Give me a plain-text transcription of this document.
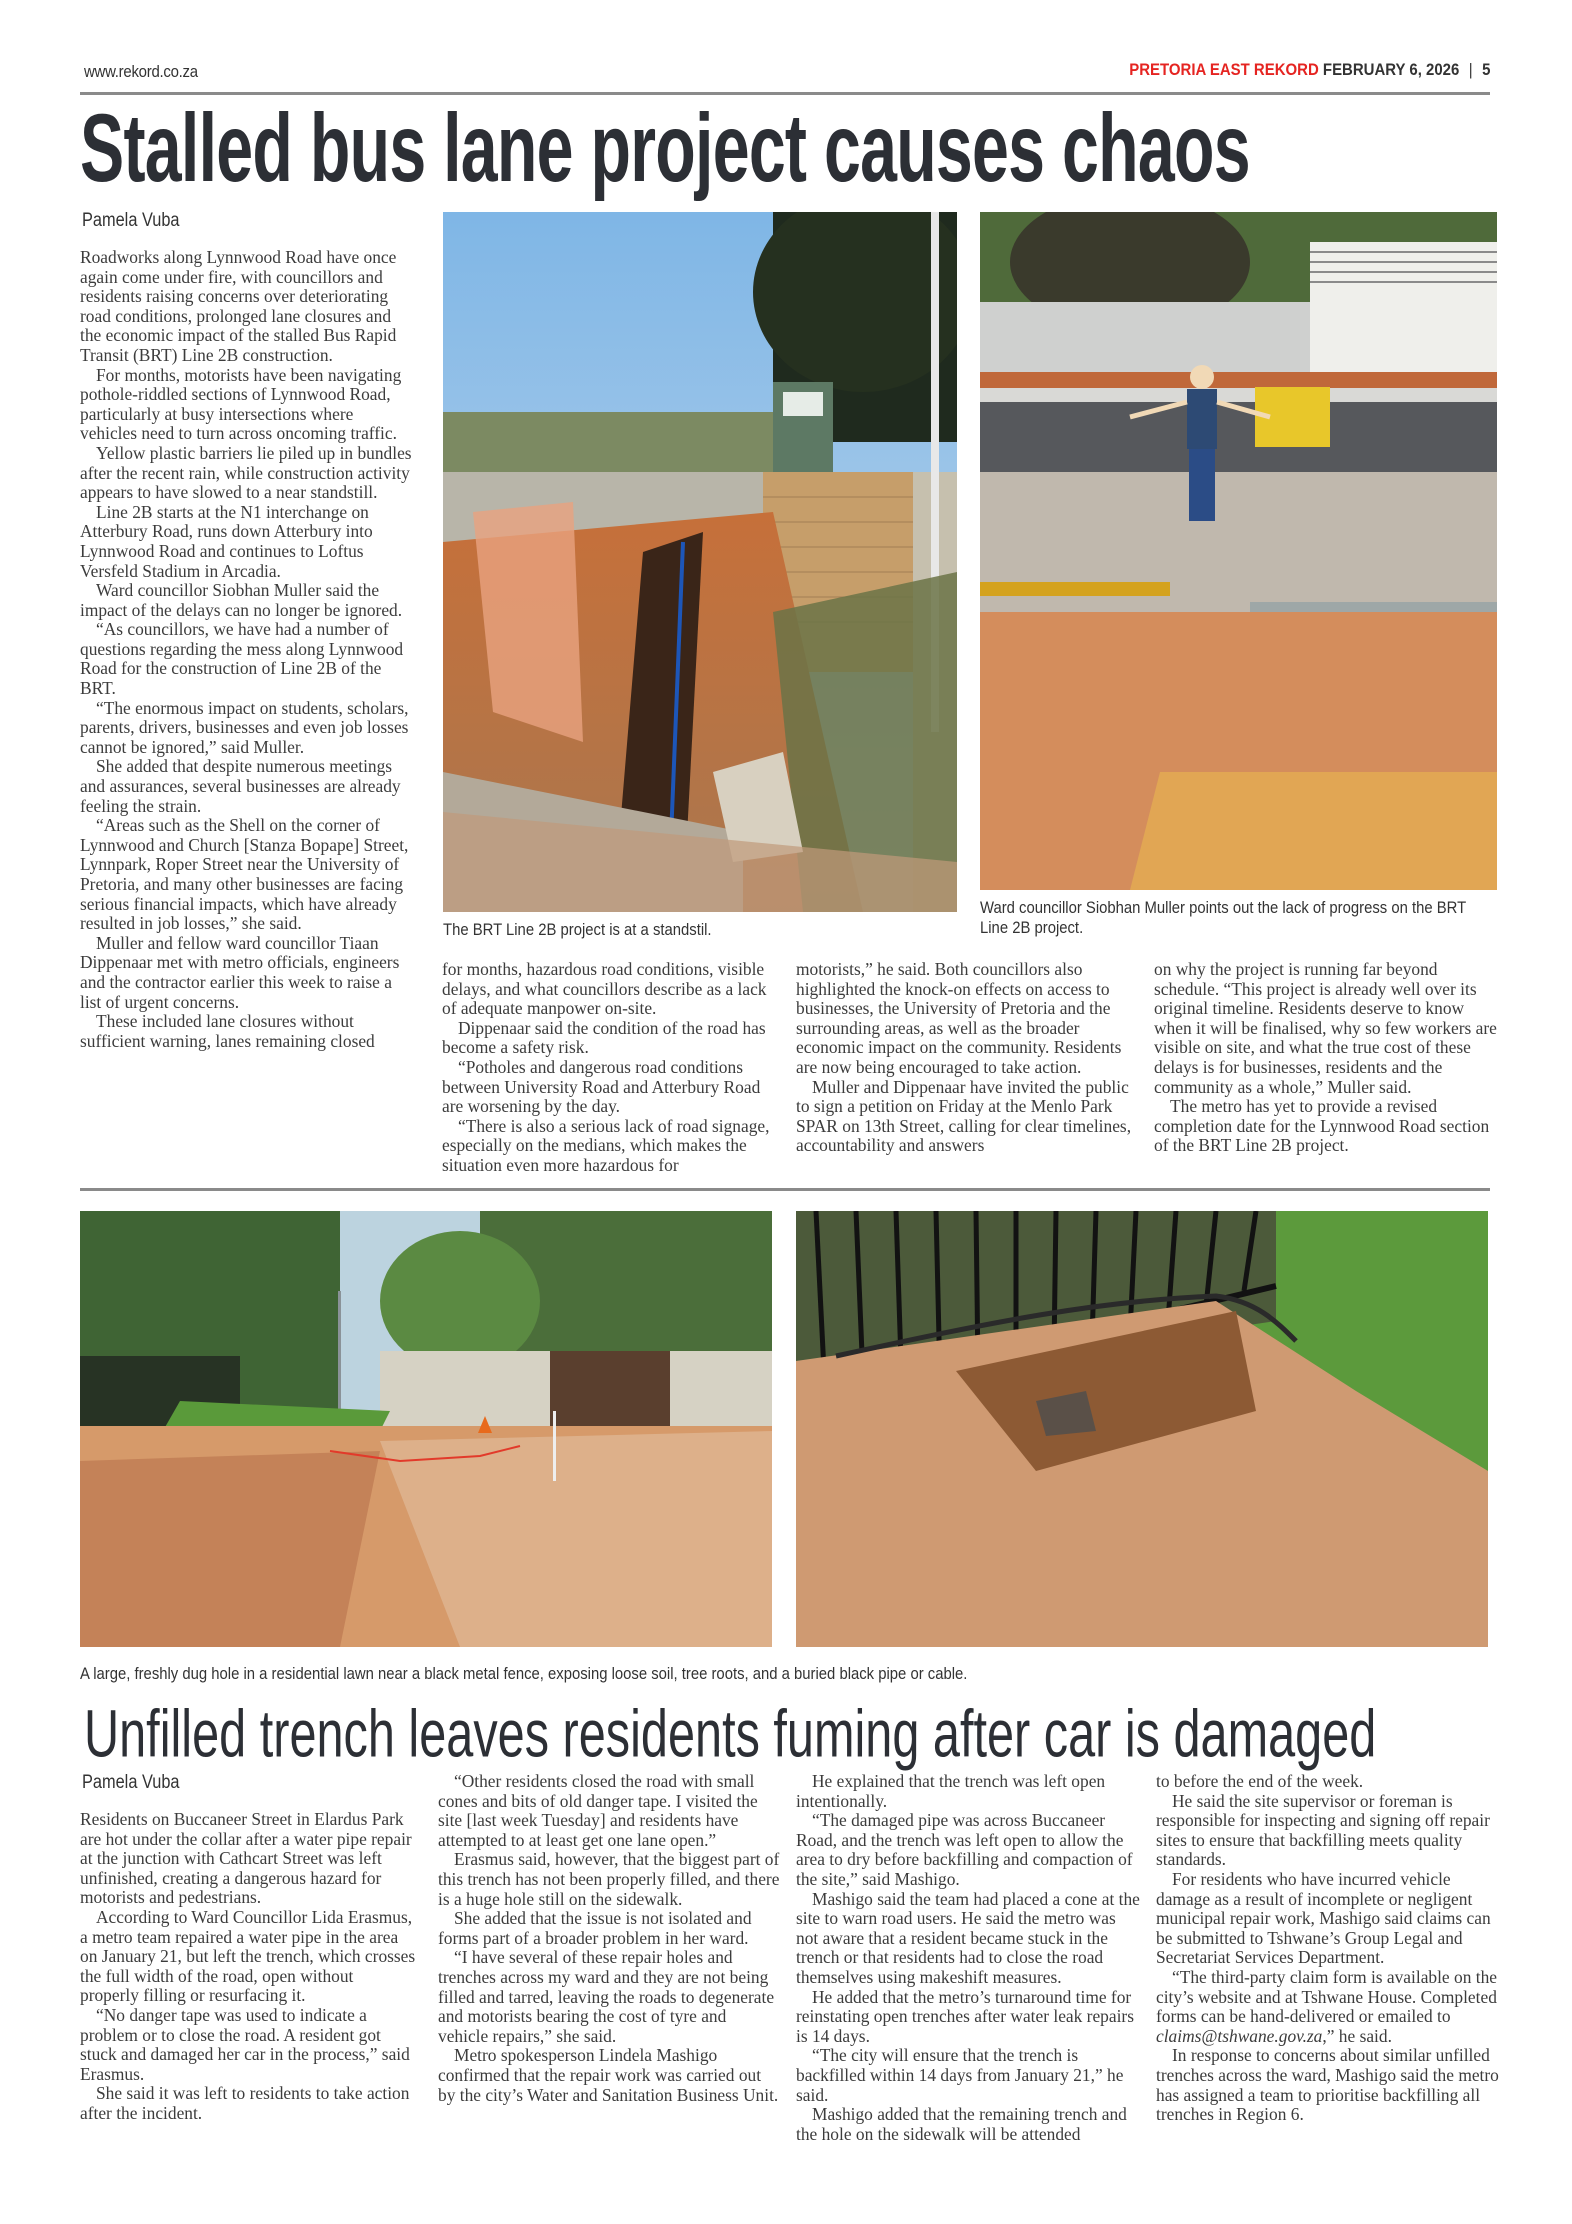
www.rekord.co.za	PRETORIA EAST REKORD FEBRUARY 6, 2026 | 5
Stalled bus lane project causes chaos
Pamela Vuba

Roadworks along Lynnwood Road have once again come under fire, with councillors and residents raising concerns over deteriorating road conditions, prolonged lane closures and the economic impact of the stalled Bus Rapid Transit (BRT) Line 2B construction.

For months, motorists have been navigating pothole-riddled sections of Lynnwood Road, particularly at busy intersections where vehicles need to turn across oncoming traffic.

Yellow plastic barriers lie piled up in bundles after the recent rain, while construction activity appears to have slowed to a near standstill.

Line 2B starts at the N1 interchange on Atterbury Road, runs down Atterbury into Lynnwood Road and continues to Loftus Versfeld Stadium in Arcadia.

Ward councillor Siobhan Muller said the impact of the delays can no longer be ignored.

“As councillors, we have had a number of questions regarding the mess along Lynnwood Road for the construction of Line 2B of the BRT.

“The enormous impact on students, scholars, parents, drivers, businesses and even job losses cannot be ignored,” said Muller.

She added that despite numerous meetings and assurances, several businesses are already feeling the strain.

“Areas such as the Shell on the corner of Lynnwood and Church [Stanza Bopape] Street, Lynnpark, Roper Street near the University of Pretoria, and many other businesses are facing serious financial impacts, which have already resulted in job losses,” she said.

Muller and fellow ward councillor Tiaan Dippenaar met with metro officials, engineers and the contractor earlier this week to raise a list of urgent concerns.

These included lane closures without sufficient warning, lanes remaining closed

The BRT Line 2B project is at a standstil.
Ward councillor Siobhan Muller points out the lack of progress on the BRT Line 2B project.

for months, hazardous road conditions, visible delays, and what councillors describe as a lack of adequate manpower on-site.

Dippenaar said the condition of the road has become a safety risk.

“Potholes and dangerous road conditions between University Road and Atterbury Road are worsening by the day.

“There is also a serious lack of road signage, especially on the medians, which makes the situation even more hazardous for

motorists,” he said. Both councillors also highlighted the knock-on effects on access to businesses, the University of Pretoria and the surrounding areas, as well as the broader economic impact on the community. Residents are now being encouraged to take action.

Muller and Dippenaar have invited the public to sign a petition on Friday at the Menlo Park SPAR on 13th Street, calling for clear timelines, accountability and answers

on why the project is running far beyond schedule. “This project is already well over its original timeline. Residents deserve to know when it will be finalised, why so few workers are visible on site, and what the true cost of these delays is for businesses, residents and the community as a whole,” Muller said.

The metro has yet to provide a revised completion date for the Lynnwood Road section of the BRT Line 2B project.

A large, freshly dug hole in a residential lawn near a black metal fence, exposing loose soil, tree roots, and a buried black pipe or cable.
Unfilled trench leaves residents fuming after car is damaged
Pamela Vuba

Residents on Buccaneer Street in Elardus Park are hot under the collar after a water pipe repair at the junction with Cathcart Street was left unfinished, creating a dangerous hazard for motorists and pedestrians.

According to Ward Councillor Lida Erasmus, a metro team repaired a water pipe in the area on January 21, but left the trench, which crosses the full width of the road, open without properly filling or resurfacing it.

“No danger tape was used to indicate a problem or to close the road. A resident got stuck and damaged her car in the process,” said Erasmus.

She said it was left to residents to take action after the incident.

“Other residents closed the road with small cones and bits of old danger tape. I visited the site [last week Tuesday] and residents have attempted to at least get one lane open.”

Erasmus said, however, that the biggest part of this trench has not been properly filled, and there is a huge hole still on the sidewalk.

She added that the issue is not isolated and forms part of a broader problem in her ward.

“I have several of these repair holes and trenches across my ward and they are not being filled and tarred, leaving the roads to degenerate and motorists bearing the cost of tyre and vehicle repairs,” she said.

Metro spokesperson Lindela Mashigo confirmed that the repair work was carried out by the city’s Water and Sanitation Business Unit.

He explained that the trench was left open intentionally.

“The damaged pipe was across Buccaneer Road, and the trench was left open to allow the area to dry before backfilling and compaction of the site,” said Mashigo.

Mashigo said the team had placed a cone at the site to warn road users. He said the metro was not aware that a resident became stuck in the trench or that residents had to close the road themselves using makeshift measures.

He added that the metro’s turnaround time for reinstating open trenches after water leak repairs is 14 days.

“The city will ensure that the trench is backfilled within 14 days from January 21,” he said.

Mashigo added that the remaining trench and the hole on the sidewalk will be attended

to before the end of the week.

He said the site supervisor or foreman is responsible for inspecting and signing off repair sites to ensure that backfilling meets quality standards.

For residents who have incurred vehicle damage as a result of incomplete or negligent municipal repair work, Mashigo said claims can be submitted to Tshwane’s Group Legal and Secretariat Services Department.

“The third-party claim form is available on the city’s website and at Tshwane House. Completed forms can be hand-delivered or emailed to claims@tshwane.gov.za,” he said.

In response to concerns about similar unfilled trenches across the ward, Mashigo said the metro has assigned a team to prioritise backfilling all trenches in Region 6.
